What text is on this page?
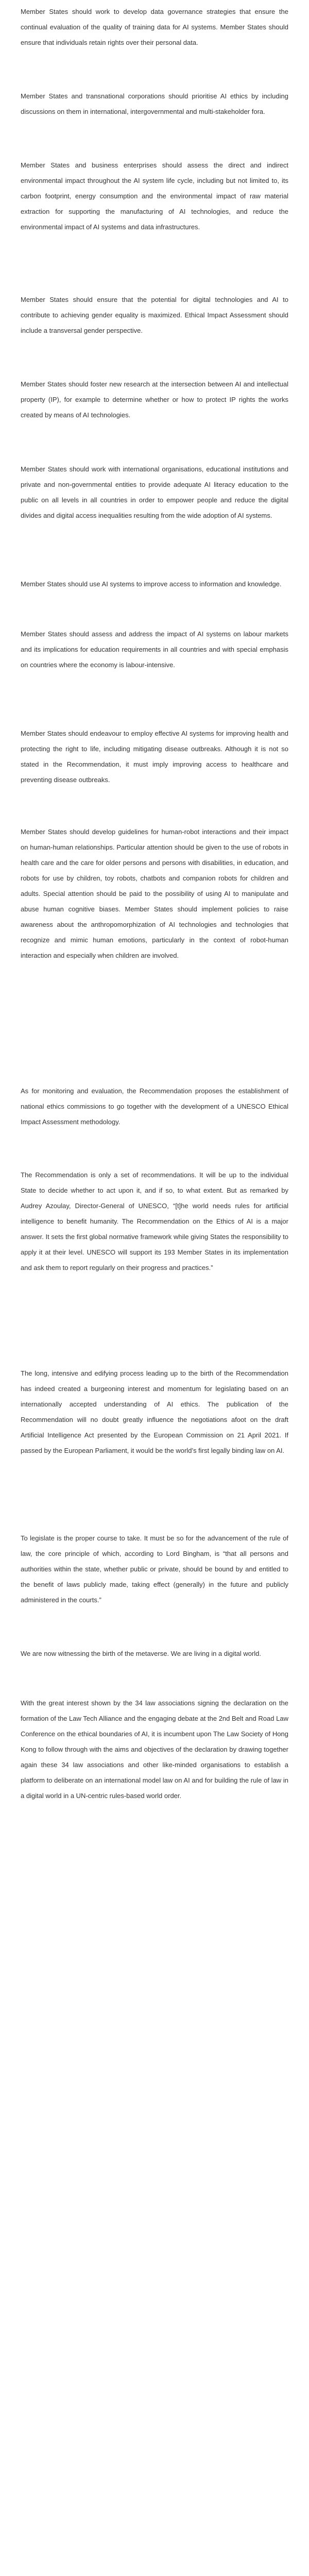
Member States should work to develop data governance strategies that ensure the continual evaluation of the quality of training data for AI systems. Member States should ensure that individuals retain rights over their personal data.

Member States and transnational corporations should prioritise AI ethics by including discussions on them in international, intergovernmental and multi-stakeholder fora.

Member States and business enterprises should assess the direct and indirect environmental impact throughout the AI system life cycle, including but not limited to, its carbon footprint, energy consumption and the environmental impact of raw material extraction for supporting the manufacturing of AI technologies, and reduce the environmental impact of AI systems and data infrastructures.

Member States should ensure that the potential for digital technologies and AI to contribute to achieving gender equality is maximized. Ethical Impact Assessment should include a transversal gender perspective.

Member States should foster new research at the intersection between AI and intellectual property (IP), for example to determine whether or how to protect IP rights the works created by means of AI technologies.

Member States should work with international organisations, educational institutions and private and non-governmental entities to provide adequate AI literacy education to the public on all levels in all countries in order to empower people and reduce the digital divides and digital access inequalities resulting from the wide adoption of AI systems.

Member States should use AI systems to improve access to information and knowledge.

Member States should assess and address the impact of AI systems on labour markets and its implications for education requirements in all countries and with special emphasis on countries where the economy is labour-intensive.

Member States should endeavour to employ effective AI systems for improving health and protecting the right to life, including mitigating disease outbreaks. Although it is not so stated in the Recommendation, it must imply improving access to healthcare and preventing disease outbreaks.

Member States should develop guidelines for human-robot interactions and their impact on human-human relationships. Particular attention should be given to the use of robots in health care and the care for older persons and persons with disabilities, in education, and robots for use by children, toy robots, chatbots and companion robots for children and adults. Special attention should be paid to the possibility of using AI to manipulate and abuse human cognitive biases. Member States should implement policies to raise awareness about the anthropomorphization of AI technologies and technologies that recognize and mimic human emotions, particularly in the context of robot-human interaction and especially when children are involved.

As for monitoring and evaluation, the Recommendation proposes the establishment of national ethics commissions to go together with the development of a UNESCO Ethical Impact Assessment methodology.

The Recommendation is only a set of recommendations. It will be up to the individual State to decide whether to act upon it, and if so, to what extent. But as remarked by Audrey Azoulay, Director-General of UNESCO, “[t]he world needs rules for artificial intelligence to benefit humanity. The Recommendation on the Ethics of AI is a major answer. It sets the first global normative framework while giving States the responsibility to apply it at their level. UNESCO will support its 193 Member States in its implementation and ask them to report regularly on their progress and practices.”

The long, intensive and edifying process leading up to the birth of the Recommendation has indeed created a burgeoning interest and momentum for legislating based on an internationally accepted understanding of AI ethics. The publication of the Recommendation will no doubt greatly influence the negotiations afoot on the draft Artificial Intelligence Act presented by the European Commission on 21 April 2021. If passed by the European Parliament, it would be the world’s first legally binding law on AI.

To legislate is the proper course to take. It must be so for the advancement of the rule of law, the core principle of which, according to Lord Bingham, is “that all persons and authorities within the state, whether public or private, should be bound by and entitled to the benefit of laws publicly made, taking effect (generally) in the future and publicly administered in the courts.”

We are now witnessing the birth of the metaverse. We are living in a digital world.

With the great interest shown by the 34 law associations signing the declaration on the formation of the Law Tech Alliance and the engaging debate at the 2nd Belt and Road Law Conference on the ethical boundaries of AI, it is incumbent upon The Law Society of Hong Kong to follow through with the aims and objectives of the declaration by drawing together again these 34 law associations and other like-minded organisations to establish a platform to deliberate on an international model law on AI and for building the rule of law in a digital world in a UN-centric rules-based world order.
